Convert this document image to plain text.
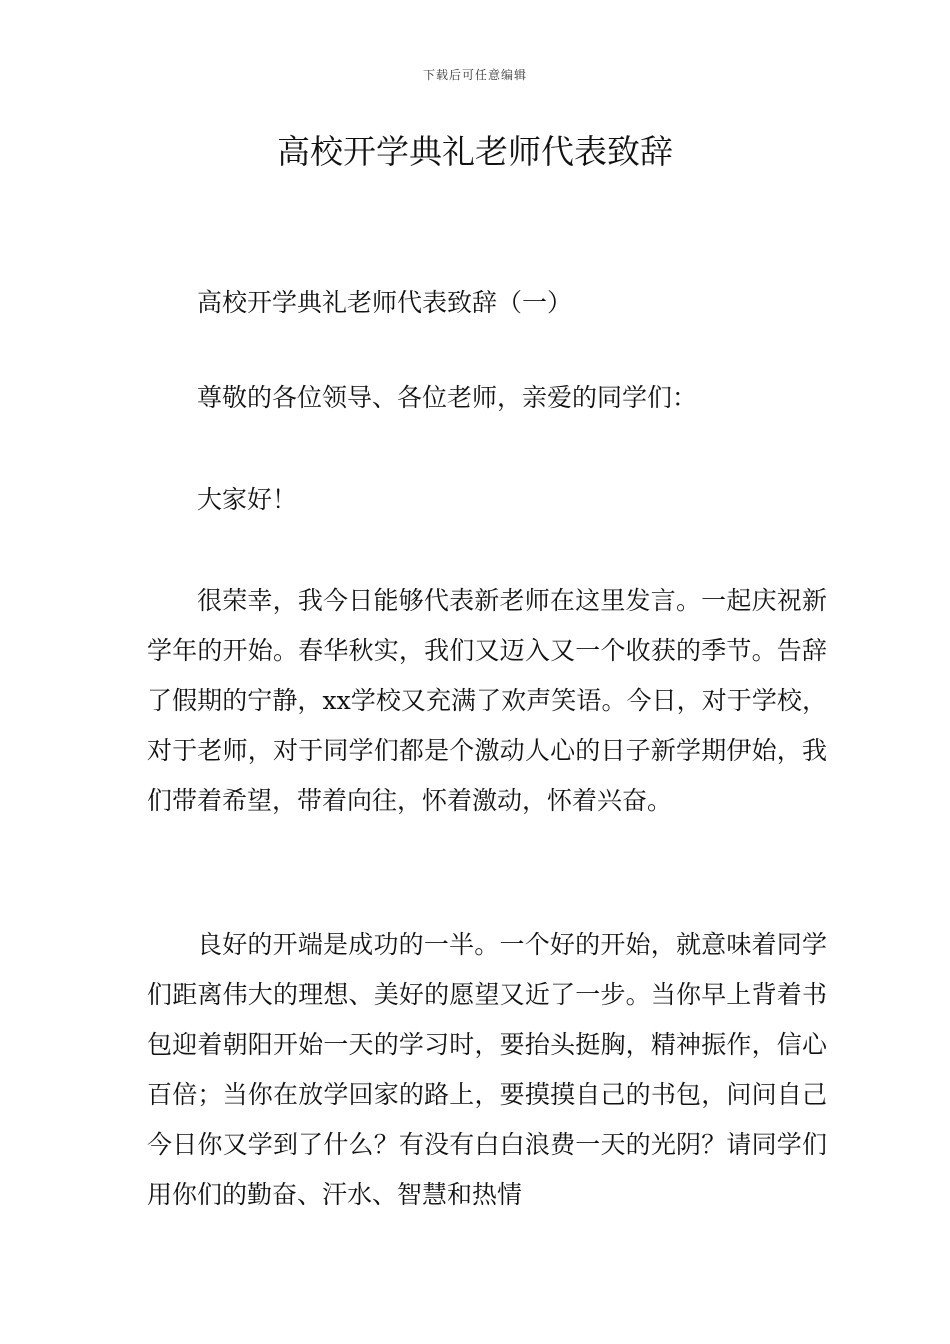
下载后可任意编辑
高校开学典礼老师代表致辞

高校开学典礼老师代表致辞（一）

尊敬的各位领导、各位老师，亲爱的同学们：

大家好！

很荣幸，我今日能够代表新老师在这里发言。一起庆祝新学年的开始。春华秋实，我们又迈入又一个收获的季节。告辞了假期的宁静，xx学校又充满了欢声笑语。今日，对于学校，对于老师，对于同学们都是个激动人心的日子新学期伊始，我们带着希望，带着向往，怀着激动，怀着兴奋。

良好的开端是成功的一半。一个好的开始，就意味着同学们距离伟大的理想、美好的愿望又近了一步。当你早上背着书包迎着朝阳开始一天的学习时，要抬头挺胸，精神振作，信心百倍；当你在放学回家的路上，要摸摸自己的书包，问问自己今日你又学到了什么？有没有白白浪费一天的光阴？请同学们用你们的勤奋、汗水、智慧和热情
